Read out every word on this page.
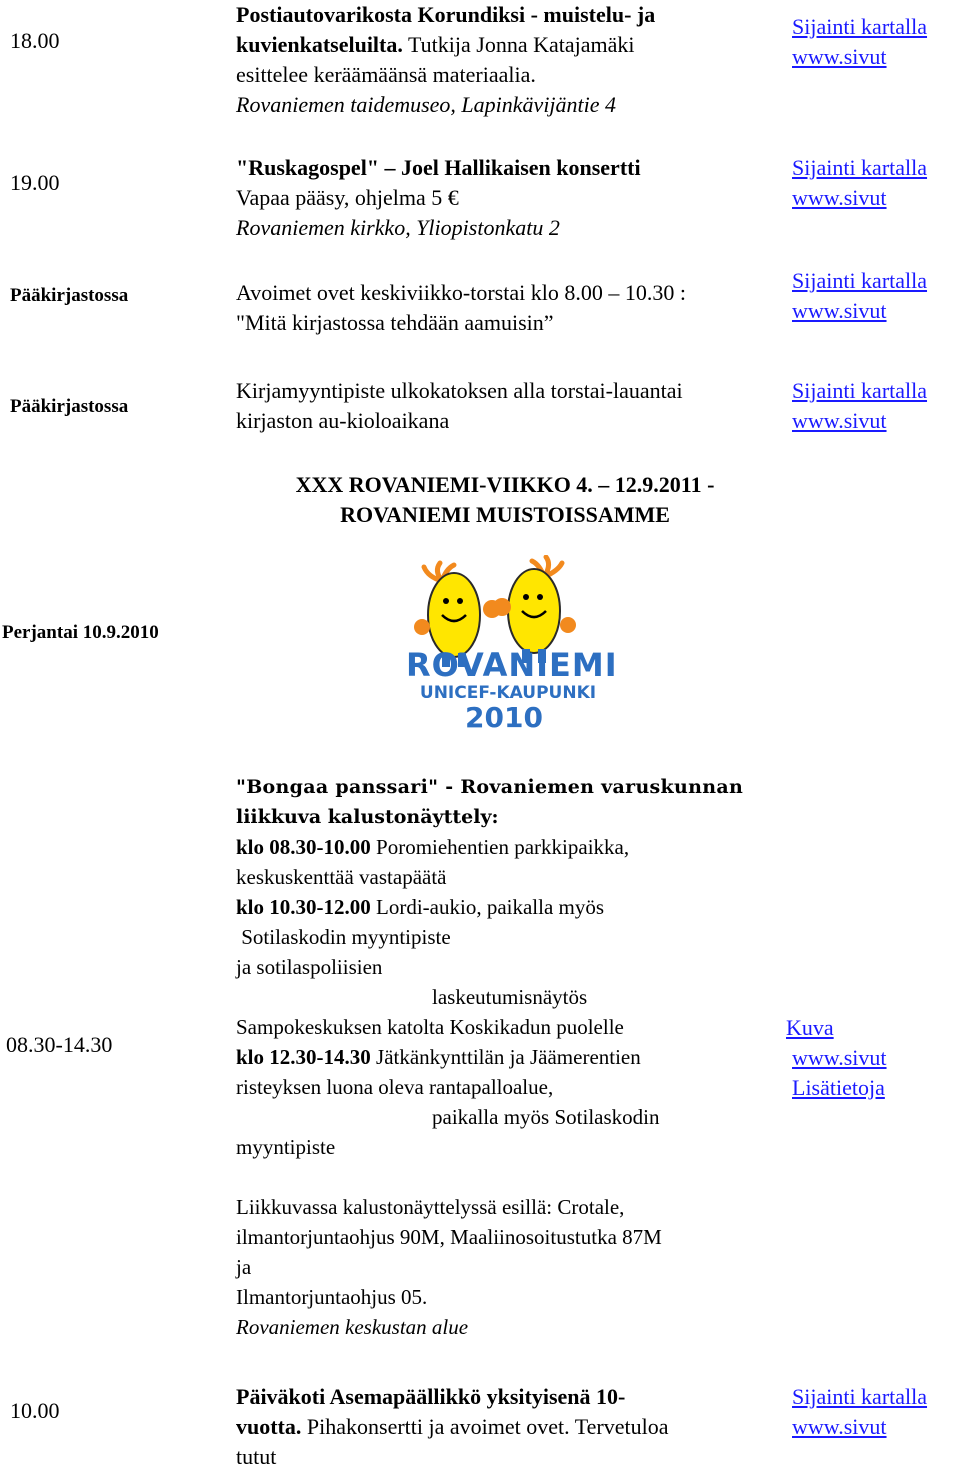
18.00
Postiautovarikosta Korundiksi - muistelu- ja
kuvienkatseluilta. Tutkija Jonna Katajamäki
esittelee keräämäänsä materiaalia.
Rovaniemen taidemuseo, Lapinkävijäntie 4
Sijainti kartalla
www.sivut
19.00
"Ruskagospel" – Joel Hallikaisen konsertti
Vapaa pääsy, ohjelma 5 €
Rovaniemen kirkko, Yliopistonkatu 2
Sijainti kartalla
www.sivut
Pääkirjastossa	Avoimet ovet keskiviikko-torstai klo 8.00 – 10.30 :
"Mitä kirjastossa tehdään aamuisin”
Sijainti kartalla
www.sivut
Pääkirjastossa
Kirjamyyntipiste ulkokatoksen alla torstai-lauantai
kirjaston au-kioloaikana
Sijainti kartalla
www.sivut
XXX ROVANIEMI-VIIKKO 4. – 12.9.2011 -
ROVANIEMI MUISTOISSAMME
Perjantai 10.9.2010
ROVANIEMI
UNICEF-KAUPUNKI
2010
08.30-14.30
"Bongaa panssari" - Rovaniemen varuskunnan
liikkuva kalustonäyttely:
klo 08.30-10.00 Poromiehentien parkkipaikka,
keskuskenttää vastapäätä
klo 10.30-12.00 Lordi-aukio, paikalla myös
Sotilaskodin myyntipiste
ja sotilaspoliisien
laskeutumisnäytös
Sampokeskuksen katolta Koskikadun puolelle
klo 12.30-14.30 Jätkänkynttilän ja Jäämerentien
risteyksen luona oleva rantapalloalue,
paikalla myös Sotilaskodin
myyntipiste
Liikkuvassa kalustonäyttelyssä esillä: Crotale,
ilmantorjuntaohjus 90M, Maaliinosoitustutka 87M
ja
Ilmantorjuntaohjus 05.
Rovaniemen keskustan alue
Kuva
www.sivut
Lisätietoja
10.00
Päiväkoti Asemapäällikkö yksityisenä 10-
vuotta. Pihakonsertti ja avoimet ovet. Tervetuloa
tutut
Sijainti kartalla
www.sivut
